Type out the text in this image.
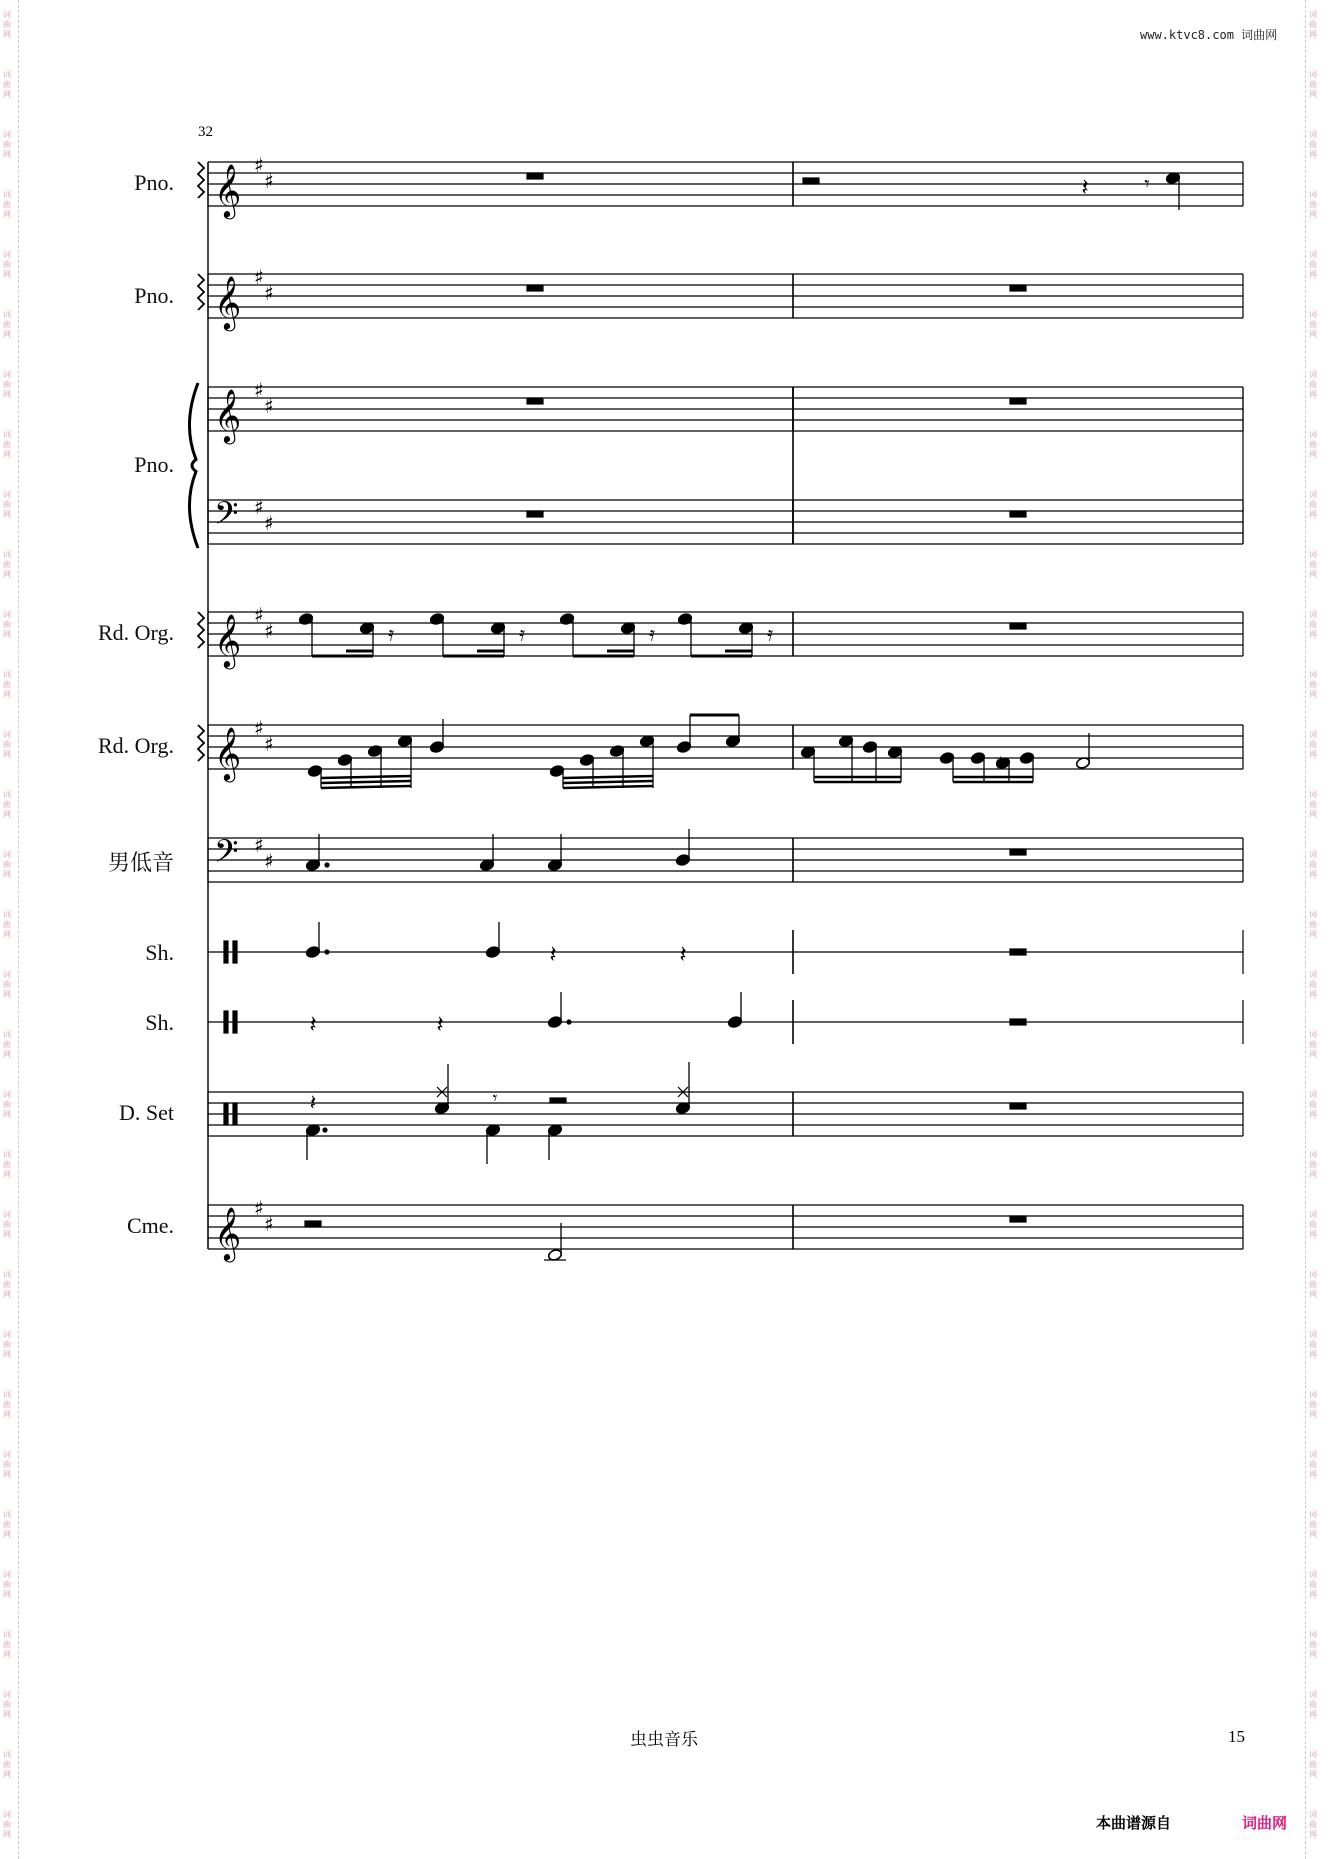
词
曲
网
词
曲
网
词
曲
网
词
曲
网
词
曲
网
词
曲
网
词
曲
网
词
曲
网
词
曲
网
词
曲
网
词
曲
网
词
曲
网
词
曲
网
词
曲
网
词
曲
网
词
曲
网
词
曲
网
词
曲
网
词
曲
网
词
曲
网
词
曲
网
词
曲
网
词
曲
网
词
曲
网
词
曲
网
词
曲
网
词
曲
网
词
曲
网
词
曲
网
词
曲
网
词
曲
网
词
曲
网
词
曲
网
词
曲
网
词
曲
网
词
曲
网
词
曲
网
词
曲
网
词
曲
网
词
曲
网
词
曲
网
词
曲
网
词
曲
网
词
曲
网
词
曲
网
词
曲
网
词
曲
网
词
曲
网
词
曲
网
词
曲
网
词
曲
网
词
曲
网
词
曲
网
词
曲
网
词
曲
网
词
曲
网
词
曲
网
词
曲
网
词
曲
网
词
曲
网
词
曲
网
词
曲
网
www.ktvc8.com 词曲网
32
Pno.
Pno.
Pno.
Rd. Org.
Rd. Org.
男低音
Sh.
Sh.
D. Set
Cme.
𝄞 ♯
♯	𝄽	𝄾
𝄞 ♯
♯
𝄞 ♯
♯
𝄢 ♯
♯
𝄞 ♯
♯	𝄿	𝄿	𝄿	𝄿
𝄞 ♯
♯
♯
𝄢 ♯
♯
𝄽	𝄽
𝄽	𝄽
𝄽	𝄾
𝄞 ♯
♯
虫虫音乐	15
本曲谱源自	词曲网
